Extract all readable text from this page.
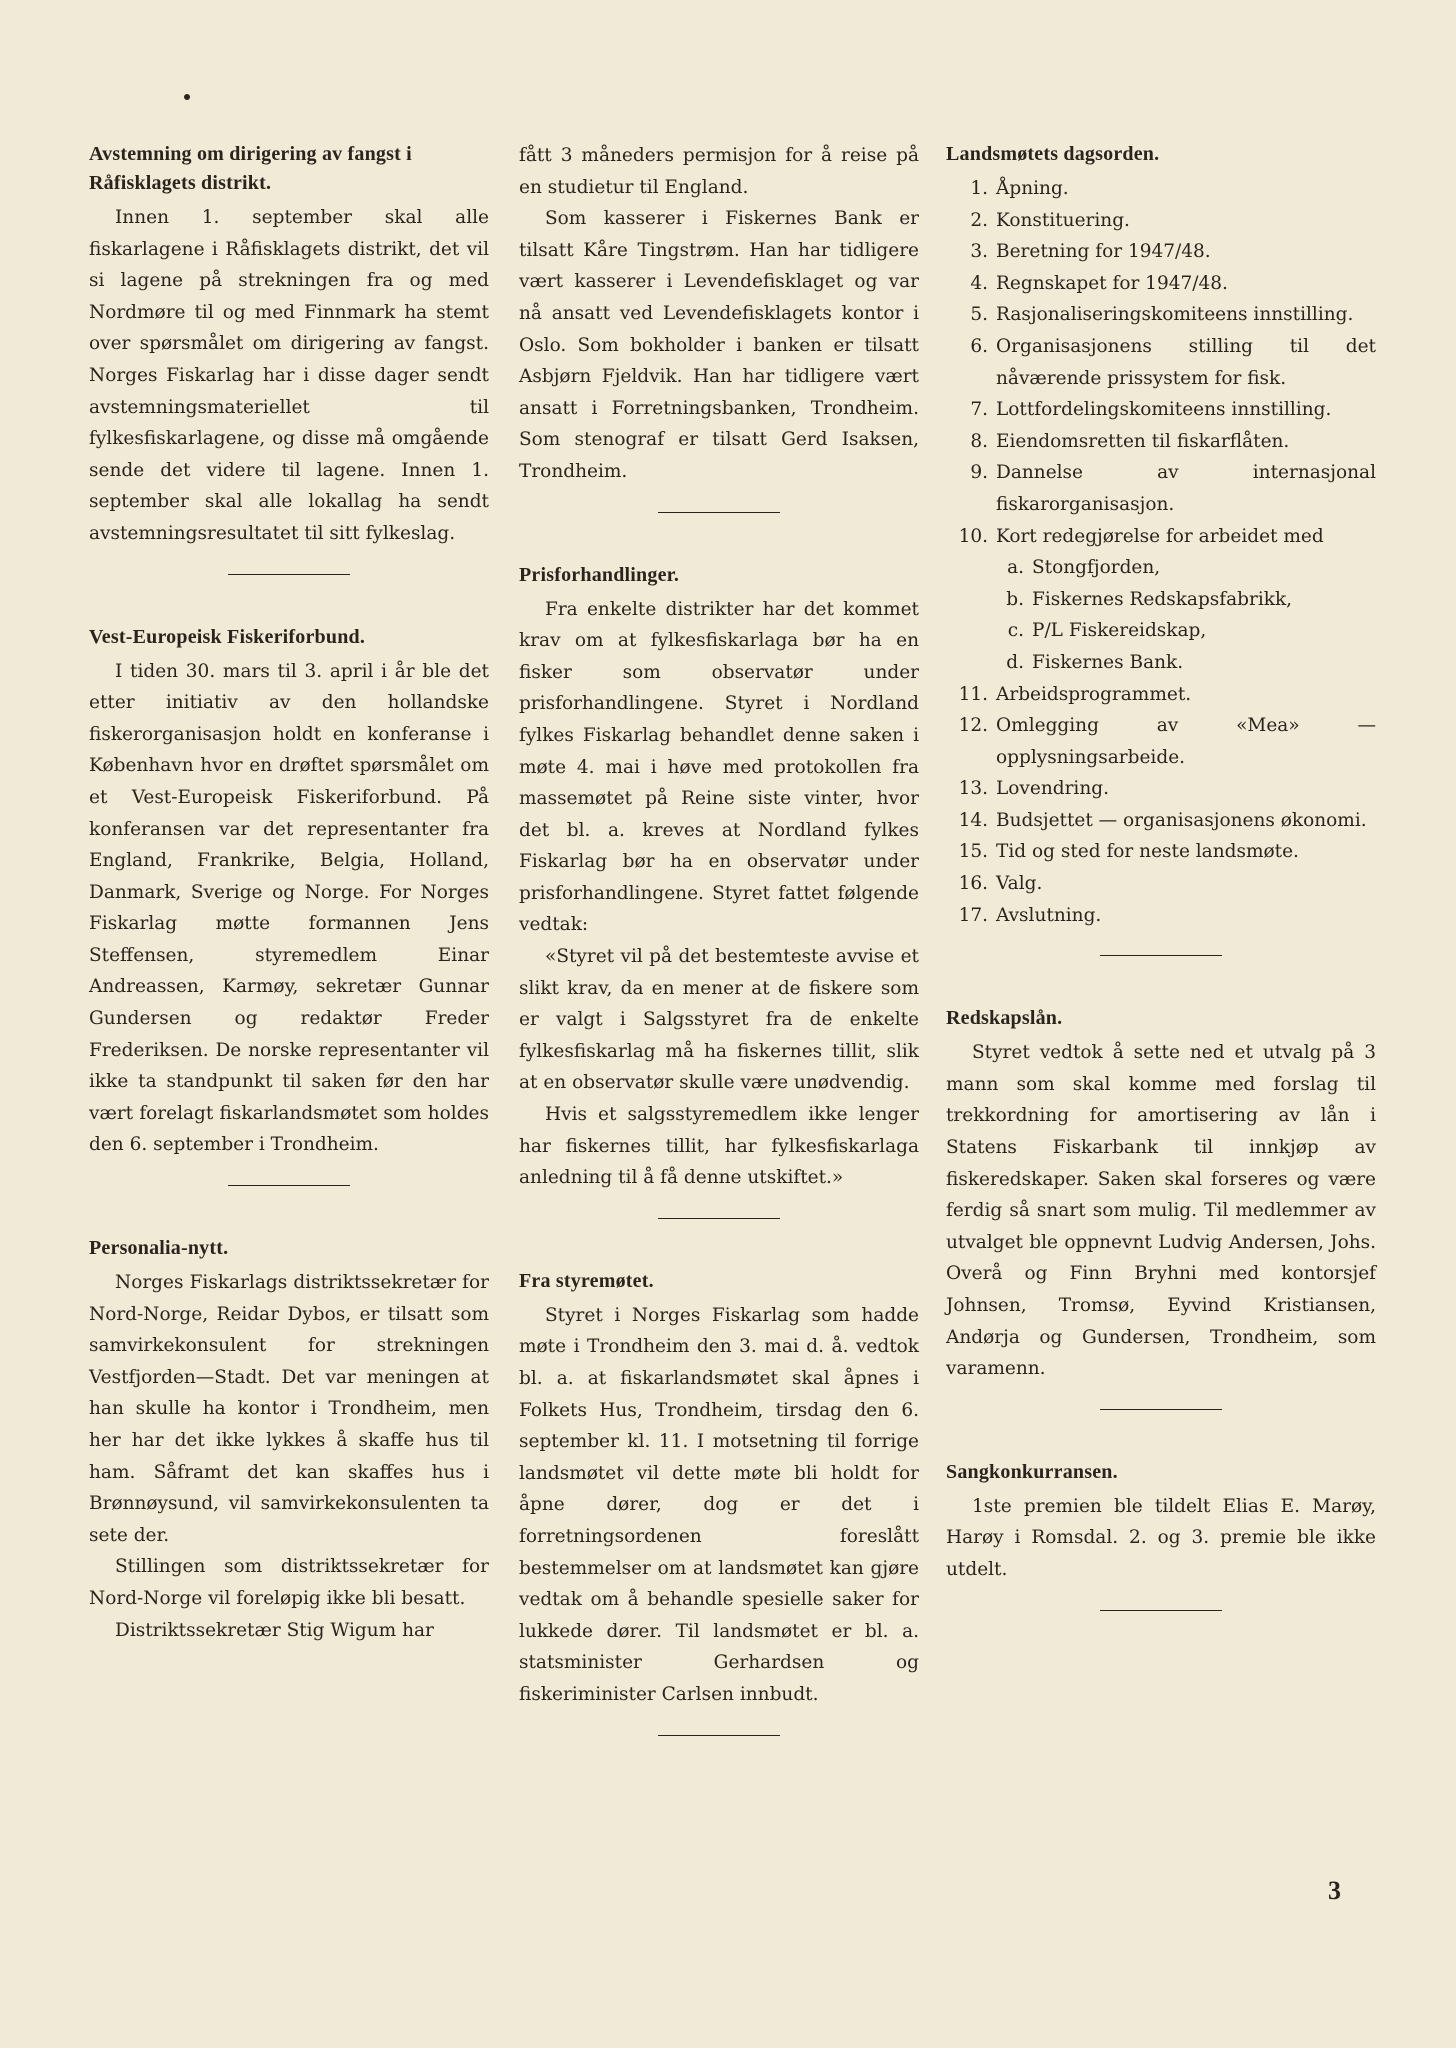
Avstemning om dirigering av fangst i Råfisklagets distrikt.

Innen 1. september skal alle fiskarlagene i Råfisklagets distrikt, det vil si lagene på strekningen fra og med Nordmøre til og med Finnmark ha stemt over spørsmålet om dirigering av fangst. Norges Fiskarlag har i disse dager sendt avstemningsmateriellet til fylkesfiskarlagene, og disse må omgående sende det videre til lagene. Innen 1. september skal alle lokallag ha sendt avstemningsresultatet til sitt fylkeslag.

Vest-Europeisk Fiskeriforbund.

I tiden 30. mars til 3. april i år ble det etter initiativ av den hollandske fiskerorganisasjon holdt en konferanse i København hvor en drøftet spørsmålet om et Vest-Europeisk Fiskeriforbund. På konferansen var det representanter fra England, Frankrike, Belgia, Holland, Danmark, Sverige og Norge. For Norges Fiskarlag møtte formannen Jens Steffensen, styremedlem Einar Andreassen, Karmøy, sekretær Gunnar Gundersen og redaktør Freder Frederiksen. De norske representanter vil ikke ta standpunkt til saken før den har vært forelagt fiskarlandsmøtet som holdes den 6. september i Trondheim.

Personalia-nytt.

Norges Fiskarlags distriktssekretær for Nord-Norge, Reidar Dybos, er tilsatt som samvirkekonsulent for strekningen Vestfjorden—Stadt. Det var meningen at han skulle ha kontor i Trondheim, men her har det ikke lykkes å skaffe hus til ham. Såframt det kan skaffes hus i Brønnøysund, vil samvirkekonsulenten ta sete der.

Stillingen som distriktssekretær for Nord-Norge vil foreløpig ikke bli besatt.

Distriktssekretær Stig Wigum har

fått 3 måneders permisjon for å reise på en studietur til England.

Som kasserer i Fiskernes Bank er tilsatt Kåre Tingstrøm. Han har tidligere vært kasserer i Levendefisklaget og var nå ansatt ved Levendefisklagets kontor i Oslo. Som bokholder i banken er tilsatt Asbjørn Fjeldvik. Han har tidligere vært ansatt i Forretningsbanken, Trondheim. Som stenograf er tilsatt Gerd Isaksen, Trondheim.

Prisforhandlinger.

Fra enkelte distrikter har det kommet krav om at fylkesfiskarlaga bør ha en fisker som observatør under prisforhandlingene. Styret i Nordland fylkes Fiskarlag behandlet denne saken i møte 4. mai i høve med protokollen fra massemøtet på Reine siste vinter, hvor det bl. a. kreves at Nordland fylkes Fiskarlag bør ha en observatør under prisforhandlingene. Styret fattet følgende vedtak:

«Styret vil på det bestemteste avvise et slikt krav, da en mener at de fiskere som er valgt i Salgsstyret fra de enkelte fylkesfiskarlag må ha fiskernes tillit, slik at en observatør skulle være unødvendig.

Hvis et salgsstyremedlem ikke lenger har fiskernes tillit, har fylkesfiskarlaga anledning til å få denne utskiftet.»

Fra styremøtet.

Styret i Norges Fiskarlag som hadde møte i Trondheim den 3. mai d. å. vedtok bl. a. at fiskarlandsmøtet skal åpnes i Folkets Hus, Trondheim, tirsdag den 6. september kl. 11. I motsetning til forrige landsmøtet vil dette møte bli holdt for åpne dører, dog er det i forretningsordenen foreslått bestemmelser om at landsmøtet kan gjøre vedtak om å behandle spesielle saker for lukkede dører. Til landsmøtet er bl. a. statsminister Gerhardsen og fiskeriminister Carlsen innbudt.

Landsmøtets dagsorden.
1. Åpning.
2. Konstituering.
3. Beretning for 1947/48.
4. Regnskapet for 1947/48.
5. Rasjonaliseringskomiteens innstilling.
6. Organisasjonens stilling til det nåværende prissystem for fisk.
7. Lottfordelingskomiteens innstilling.
8. Eiendomsretten til fiskarflåten.
9. Dannelse av internasjonal fiskarorganisasjon.
10. Kort redegjørelse for arbeidet med
a. Stongfjorden,
b. Fiskernes Redskapsfabrikk,
c. P/L Fiskereidskap,
d. Fiskernes Bank.
11. Arbeidsprogrammet.
12. Omlegging av «Mea» — opplysningsarbeide.
13. Lovendring.
14. Budsjettet — organisasjonens økonomi.
15. Tid og sted for neste landsmøte.
16. Valg.
17. Avslutning.
Redskapslån.

Styret vedtok å sette ned et utvalg på 3 mann som skal komme med forslag til trekkordning for amortisering av lån i Statens Fiskarbank til innkjøp av fiskeredskaper. Saken skal forseres og være ferdig så snart som mulig. Til medlemmer av utvalget ble oppnevnt Ludvig Andersen, Johs. Overå og Finn Bryhni med kontorsjef Johnsen, Tromsø, Eyvind Kristiansen, Andørja og Gundersen, Trondheim, som varamenn.

Sangkonkurransen.

1ste premien ble tildelt Elias E. Marøy, Harøy i Romsdal. 2. og 3. premie ble ikke utdelt.

3
